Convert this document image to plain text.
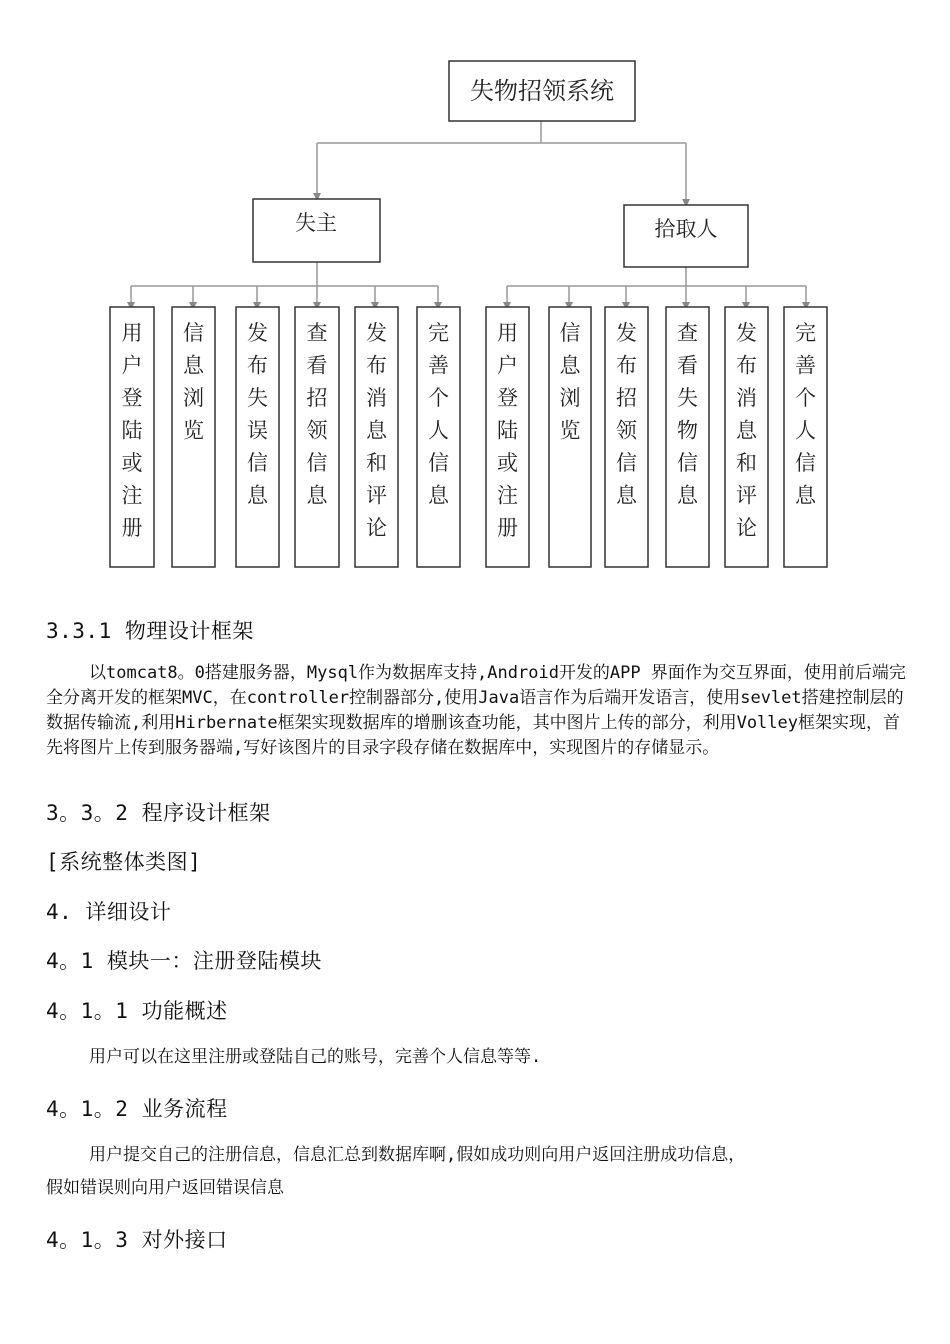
失物招领系统
失主	拾取人
用户登陆或注册
信息浏览
发布失误信息
查看招领信息
发布消息和评论
完善个人信息
用户登陆或注册
信息浏览
发布招领信息
查看失物信息
发布消息和评论
完善个人信息
3.3.1 物理设计框架
以tomcat8。0搭建服务器，Mysql作为数据库支持,Android开发的APP 界面作为交互界面，使用前后端完全分离开发的框架MVC，在controller控制器部分,使用Java语言作为后端开发语言，使用sevlet搭建控制层的数据传输流,利用Hirbernate框架实现数据库的增删该查功能，其中图片上传的部分，利用Volley框架实现，首先将图片上传到服务器端,写好该图片的目录字段存储在数据库中，实现图片的存储显示。
3。3。2 程序设计框架
[系统整体类图]
4. 详细设计
4。1 模块一：注册登陆模块
4。1。1 功能概述
用户可以在这里注册或登陆自己的账号，完善个人信息等等.
4。1。2 业务流程
用户提交自己的注册信息，信息汇总到数据库啊,假如成功则向用户返回注册成功信息，
假如错误则向用户返回错误信息
4。1。3 对外接口
